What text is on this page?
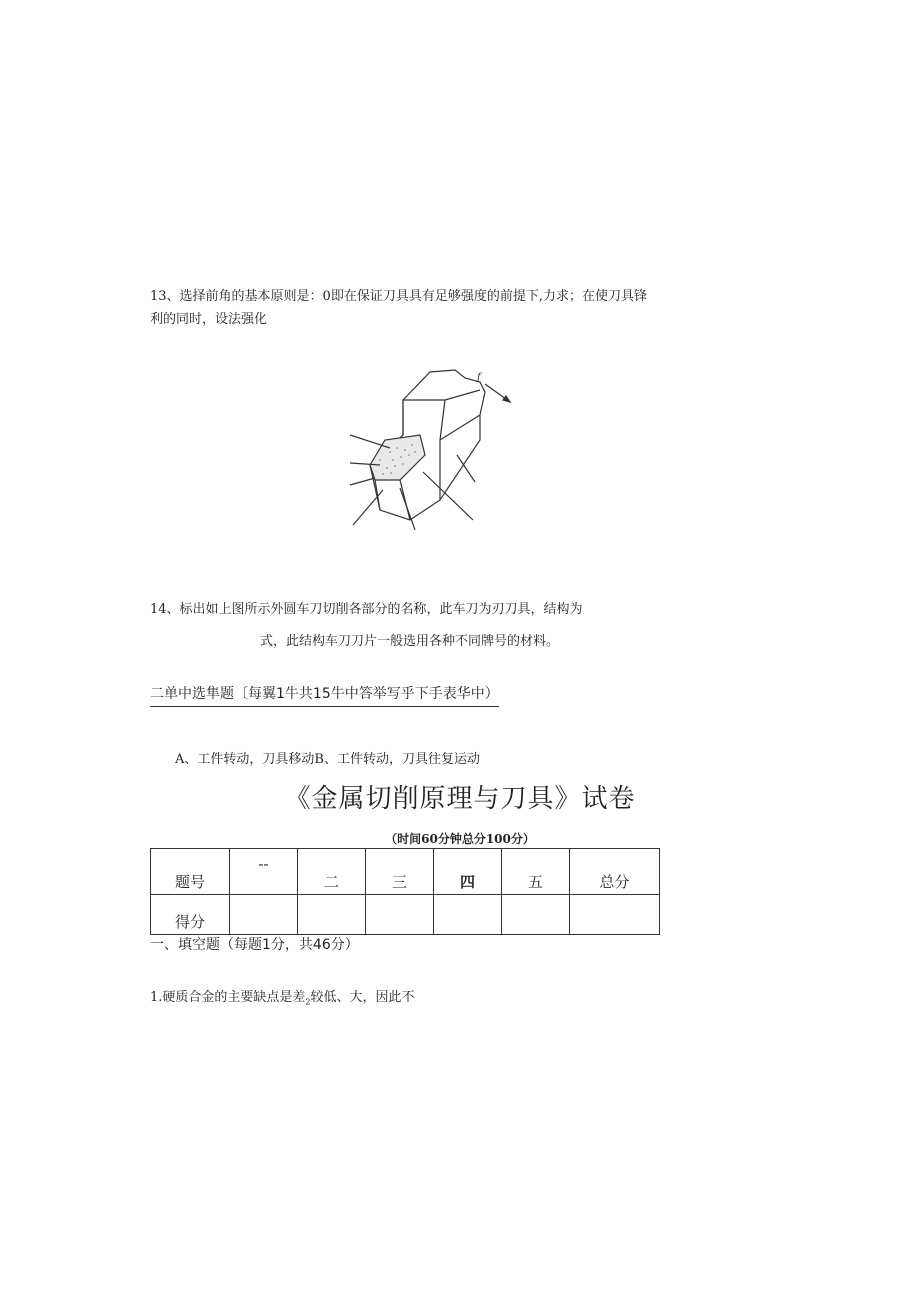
13、选择前角的基本原则是：0即在保证刀具具有足够强度的前提下,力求；在使刀具锋
利的同时，设法强化
f
14、标出如上图所示外圆车刀切削各部分的名称，此车刀为刃刀具，结构为
式，此结构车刀刀片一般选用各种不同牌号的材料。
二单中选隼题〔每翼1牛共15牛中答举写乎下手表华中）
A、工件转动，刀具移动B、工件转动，刀具往复运动
《金属切削原理与刀具》试卷
（时间60分钟总分100分）
题号	--	二	三	四	五	总分
得分						
一、填空题（每题1分，共46分）
1.硬质合金的主要缺点是差$_2$较低、大，因此不
